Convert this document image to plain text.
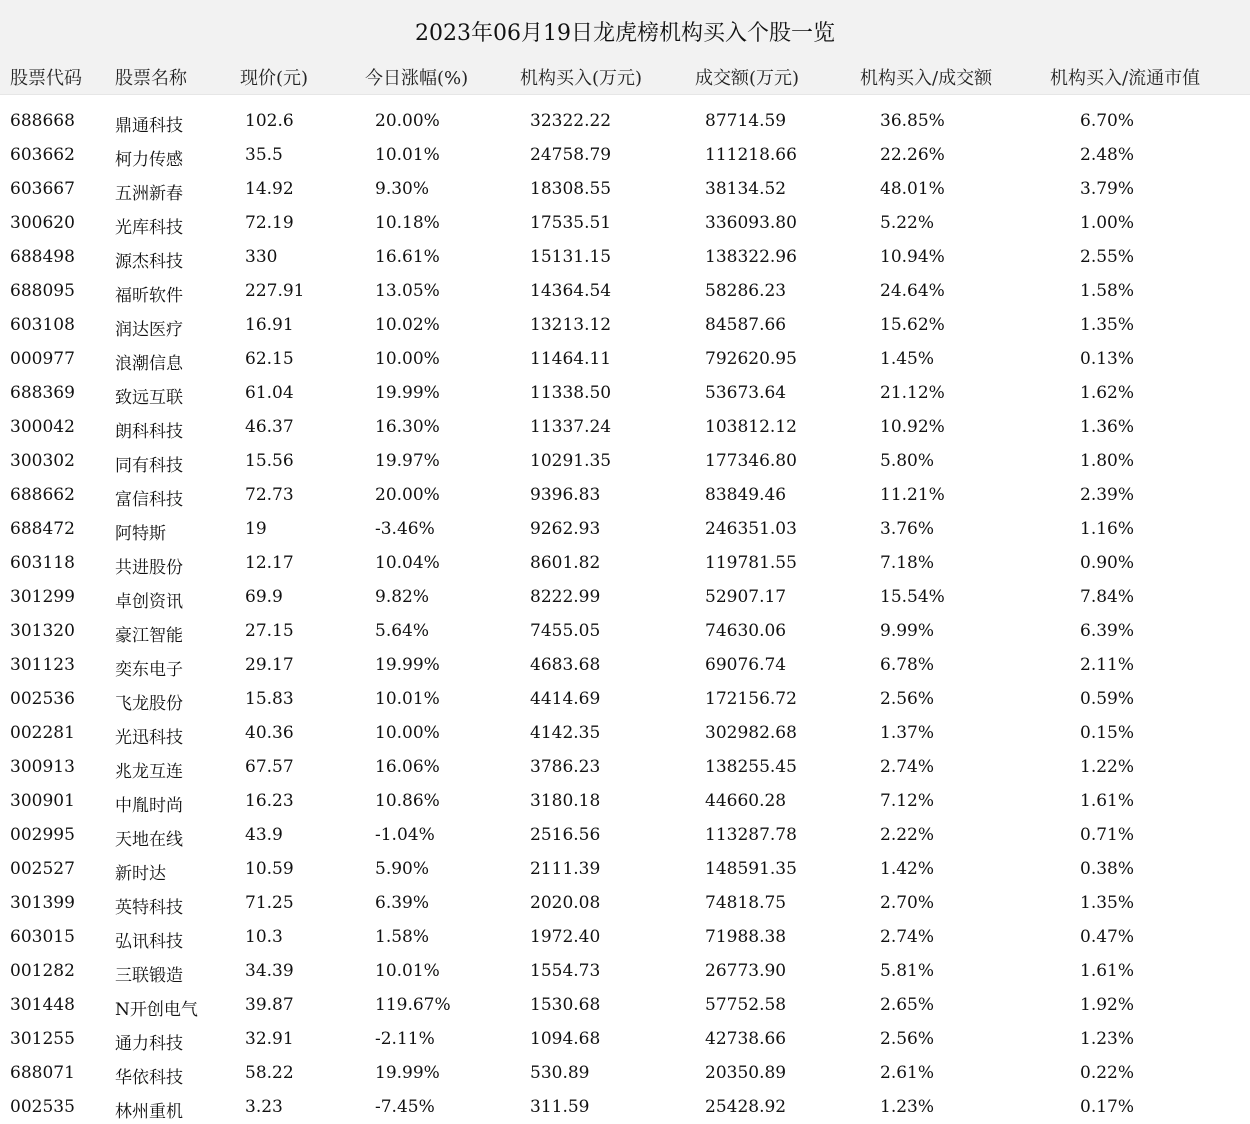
2023年06月19日龙虎榜机构买入个股一览
股票代码 股票名称	现价(元)	今日涨幅(%)	机构买入(万元)	成交额(万元)	机构买入/成交额	机构买入/流通市值
688668 鼎通科技	102.6	20.00%	32322.22	87714.59	36.85%	6.70%
603662 柯力传感	35.5	10.01%	24758.79	111218.66	22.26%	2.48%
603667 五洲新春	14.92	9.30%	18308.55	38134.52	48.01%	3.79%
300620 光库科技	72.19	10.18%	17535.51	336093.80	5.22%	1.00%
688498 源杰科技	330	16.61%	15131.15	138322.96	10.94%	2.55%
688095 福昕软件	227.91	13.05%	14364.54	58286.23	24.64%	1.58%
603108 润达医疗	16.91	10.02%	13213.12	84587.66	15.62%	1.35%
000977 浪潮信息	62.15	10.00%	11464.11	792620.95	1.45%	0.13%
688369 致远互联	61.04	19.99%	11338.50	53673.64	21.12%	1.62%
300042 朗科科技	46.37	16.30%	11337.24	103812.12	10.92%	1.36%
300302 同有科技	15.56	19.97%	10291.35	177346.80	5.80%	1.80%
688662 富信科技	72.73	20.00%	9396.83	83849.46	11.21%	2.39%
688472 阿特斯	19	-3.46%	9262.93	246351.03	3.76%	1.16%
603118 共进股份	12.17	10.04%	8601.82	119781.55	7.18%	0.90%
301299 卓创资讯	69.9	9.82%	8222.99	52907.17	15.54%	7.84%
301320 豪江智能	27.15	5.64%	7455.05	74630.06	9.99%	6.39%
301123 奕东电子	29.17	19.99%	4683.68	69076.74	6.78%	2.11%
002536 飞龙股份	15.83	10.01%	4414.69	172156.72	2.56%	0.59%
002281 光迅科技	40.36	10.00%	4142.35	302982.68	1.37%	0.15%
300913 兆龙互连	67.57	16.06%	3786.23	138255.45	2.74%	1.22%
300901 中胤时尚	16.23	10.86%	3180.18	44660.28	7.12%	1.61%
002995 天地在线	43.9	-1.04%	2516.56	113287.78	2.22%	0.71%
002527 新时达	10.59	5.90%	2111.39	148591.35	1.42%	0.38%
301399 英特科技	71.25	6.39%	2020.08	74818.75	2.70%	1.35%
603015 弘讯科技	10.3	1.58%	1972.40	71988.38	2.74%	0.47%
001282 三联锻造	34.39	10.01%	1554.73	26773.90	5.81%	1.61%
301448 N开创电气	39.87	119.67%	1530.68	57752.58	2.65%	1.92%
301255 通力科技	32.91	-2.11%	1094.68	42738.66	2.56%	1.23%
688071 华依科技	58.22	19.99%	530.89	20350.89	2.61%	0.22%
002535 林州重机	3.23	-7.45%	311.59	25428.92	1.23%	0.17%
